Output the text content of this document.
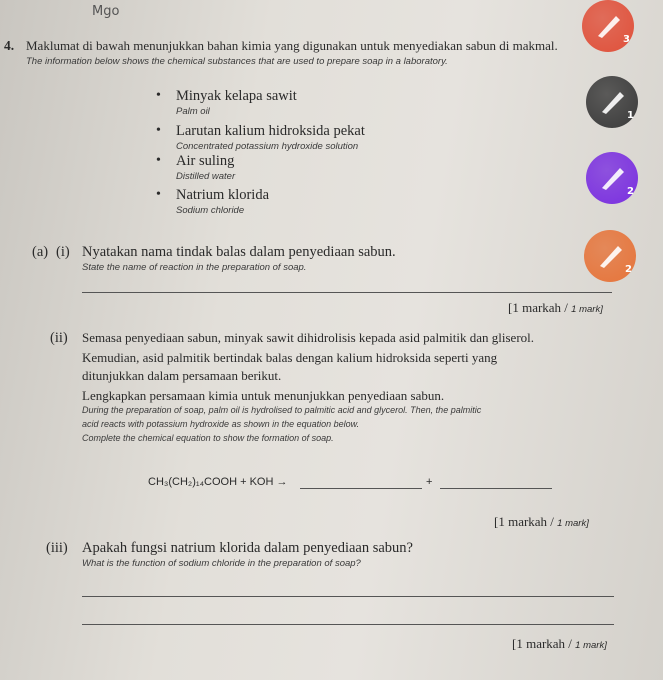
Mgo
4. Maklumat di bawah menunjukkan bahan kimia yang digunakan untuk menyediakan sabun di makmal.
The information below shows the chemical substances that are used to prepare soap in a laboratory.
• Minyak kelapa sawit
Palm oil
• Larutan kalium hidroksida pekat
Concentrated potassium hydroxide solution
• Air suling
Distilled water
• Natrium klorida
Sodium chloride
(a) (i) Nyatakan nama tindak balas dalam penyediaan sabun.
State the name of reaction in the preparation of soap.
[1 markah / 1 mark]
(ii) Semasa penyediaan sabun, minyak sawit dihidrolisis kepada asid palmitik dan gliserol.
Kemudian, asid palmitik bertindak balas dengan kalium hidroksida seperti yang
ditunjukkan dalam persamaan berikut.
Lengkapkan persamaan kimia untuk menunjukkan penyediaan sabun.
During the preparation of soap, palm oil is hydrolised to palmitic acid and glycerol. Then, the palmitic
acid reacts with potassium hydroxide as shown in the equation below.
Complete the chemical equation to show the formation of soap.
CH₃(CH₂)₁₄COOH + KOH →	+
[1 markah / 1 mark]
(iii) Apakah fungsi natrium klorida dalam penyediaan sabun?
What is the function of sodium chloride in the preparation of soap?
[1 markah / 1 mark]
3
1
2
2
